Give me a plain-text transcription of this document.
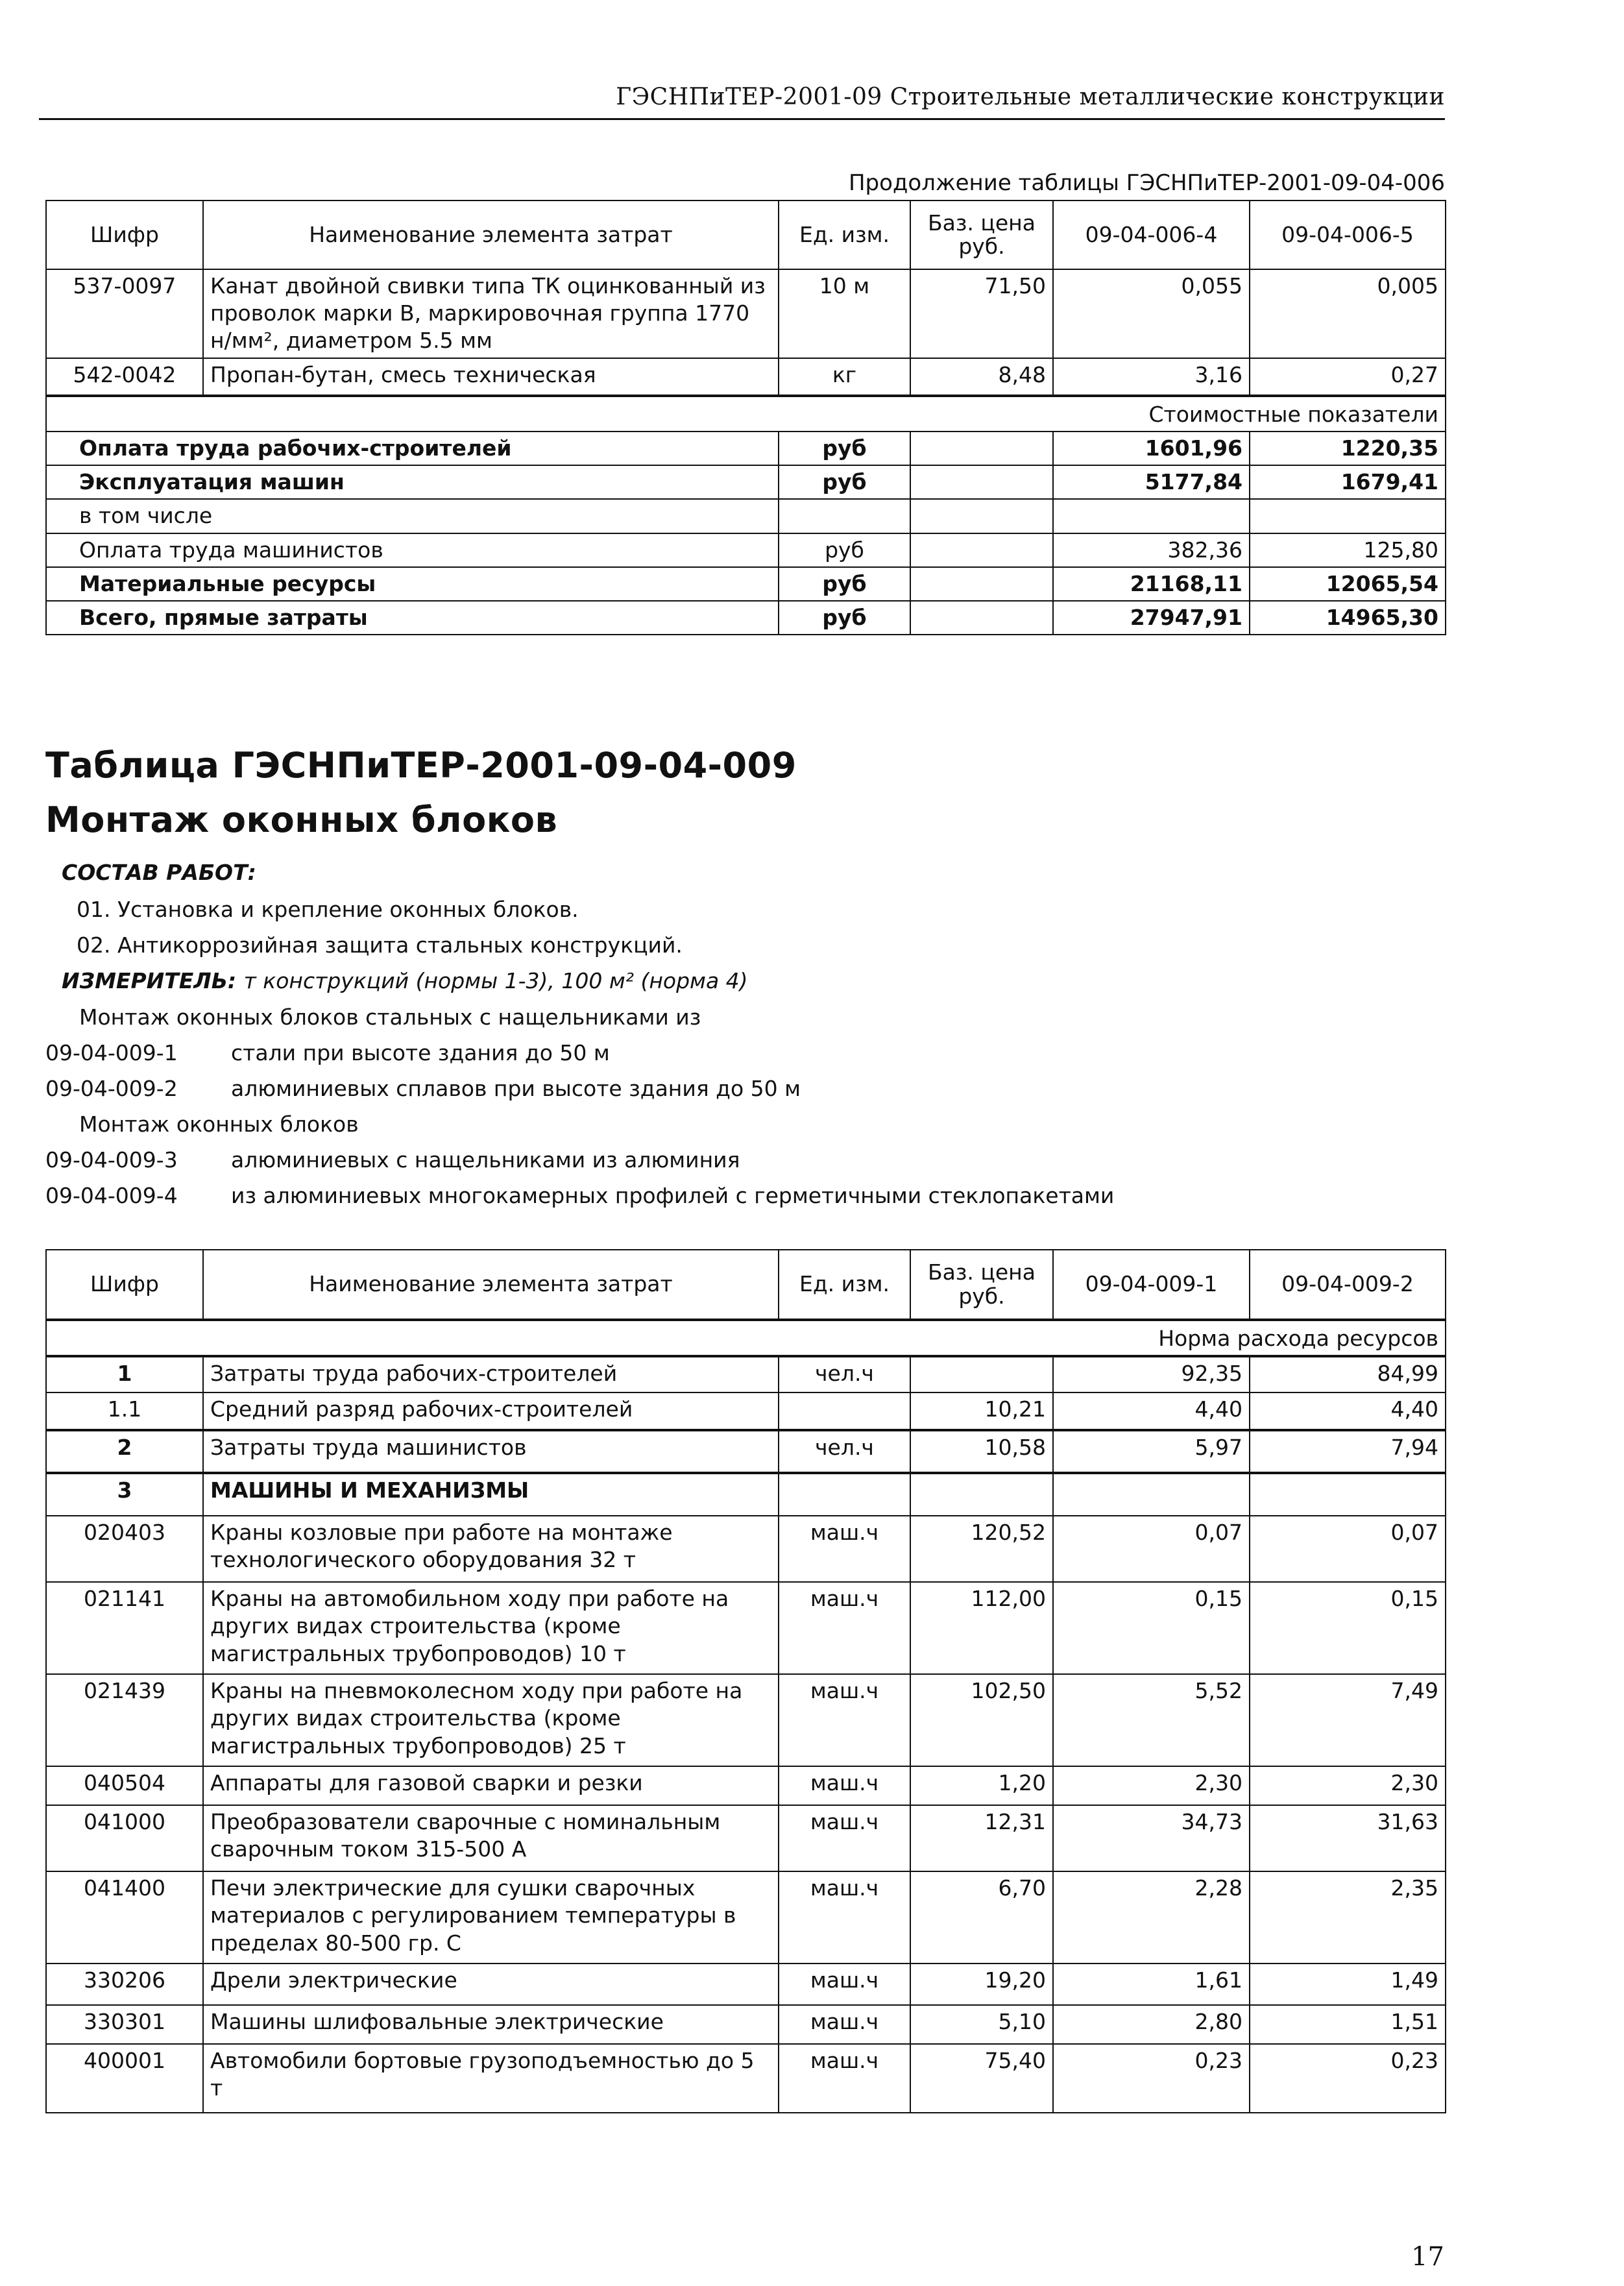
ГЭСНПиТЕР-2001-09 Строительные металлические конструкции
Продолжение таблицы ГЭСНПиТЕР-2001-09-04-006
Шифр	Наименование элемента затрат	Ед. изм.	Баз. цена руб.	09-04-006-4	09-04-006-5
537-0097	Канат двойной свивки типа ТК оцинкованный из проволок марки В, маркировочная группа 1770 н/мм², диаметром 5.5 мм	10 м	71,50	0,055	0,005
542-0042	Пропан-бутан, смесь техническая	кг	8,48	3,16	0,27
Стоимостные показатели					
Оплата труда рабочих-строителей		руб		1601,96	1220,35
Эксплуатация машин		руб		5177,84	1679,41
в том числе					
Оплата труда машинистов		руб		382,36	125,80
Материальные ресурсы		руб		21168,11	12065,54
Всего, прямые затраты		руб		27947,91	14965,30
Таблица ГЭСНПиТЕР-2001-09-04-009
Монтаж оконных блоков
СОСТАВ РАБОТ:
01. Установка и крепление оконных блоков.
02. Антикоррозийная защита стальных конструкций.
ИЗМЕРИТЕЛЬ: т конструкций (нормы 1-3), 100 м² (норма 4)
Монтаж оконных блоков стальных с нащельниками из
09-04-009-1 стали при высоте здания до 50 м
09-04-009-2 алюминиевых сплавов при высоте здания до 50 м
Монтаж оконных блоков
09-04-009-3 алюминиевых с нащельниками из алюминия
09-04-009-4 из алюминиевых многокамерных профилей с герметичными стеклопакетами
Шифр	Наименование элемента затрат	Ед. изм.	Баз. цена руб.	09-04-009-1	09-04-009-2
Норма расхода ресурсов					
1	Затраты труда рабочих-строителей	чел.ч		92,35	84,99
1.1	Средний разряд рабочих-строителей		10,21	4,40	4,40
2	Затраты труда машинистов	чел.ч	10,58	5,97	7,94
3	МАШИНЫ И МЕХАНИЗМЫ				
020403	Краны козловые при работе на монтаже технологического оборудования 32 т	маш.ч	120,52	0,07	0,07
021141	Краны на автомобильном ходу при работе на других видах строительства (кроме магистральных трубопроводов) 10 т	маш.ч	112,00	0,15	0,15
021439	Краны на пневмоколесном ходу при работе на других видах строительства (кроме магистральных трубопроводов) 25 т	маш.ч	102,50	5,52	7,49
040504	Аппараты для газовой сварки и резки	маш.ч	1,20	2,30	2,30
041000	Преобразователи сварочные с номинальным сварочным током 315-500 А	маш.ч	12,31	34,73	31,63
041400	Печи электрические для сушки сварочных материалов с регулированием температуры в пределах 80-500 гр. С	маш.ч	6,70	2,28	2,35
330206	Дрели электрические	маш.ч	19,20	1,61	1,49
330301	Машины шлифовальные электрические	маш.ч	5,10	2,80	1,51
400001	Автомобили бортовые грузоподъемностью до 5 т	маш.ч	75,40	0,23	0,23
17
